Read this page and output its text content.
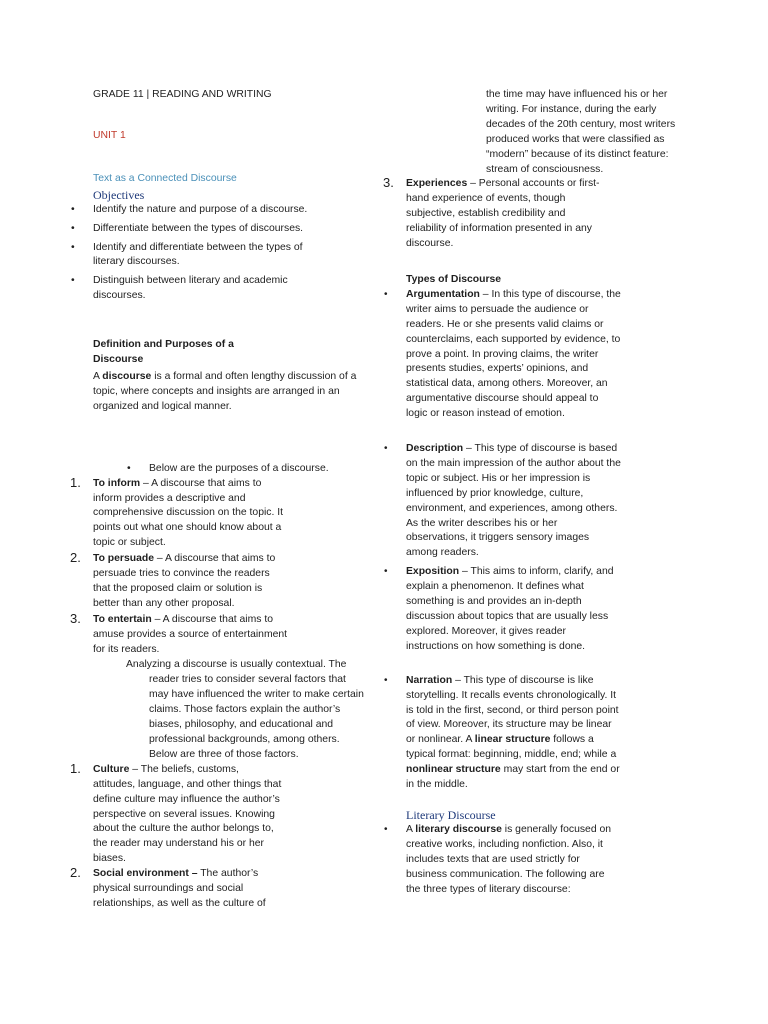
GRADE 11 | READING AND WRITING

UNIT 1

Text as a Connected Discourse

Objectives

• Identify the nature and purpose of a discourse.
• Differentiate between the types of discourses.
• Identify and differentiate between the types of literary discourses.
• Distinguish between literary and academic discourses.

Definition and Purposes of a Discourse

A discourse is a formal and often lengthy discussion of a topic, where concepts and insights are arranged in an organized and logical manner.

• Below are the purposes of a discourse.
1. To inform – A discourse that aims to inform provides a descriptive and comprehensive discussion on the topic. It points out what one should know about a topic or subject.
2. To persuade – A discourse that aims to persuade tries to convince the readers that the proposed claim or solution is better than any other proposal.
3. To entertain – A discourse that aims to amuse provides a source of entertainment for its readers.

Analyzing a discourse is usually contextual. The
reader tries to consider several factors that may have influenced the writer to make certain claims. Those factors explain the author’s biases, philosophy, and educational and professional backgrounds, among others. Below are three of those factors.

1. Culture – The beliefs, customs, attitudes, language, and other things that define culture may influence the author’s perspective on several issues. Knowing about the culture the author belongs to, the reader may understand his or her biases.
2. Social environment – The author’s physical surroundings and social relationships, as well as the culture of

the time may have influenced his or her writing. For instance, during the early decades of the 20th century, most writers produced works that were classified as “modern” because of its distinct feature: stream of consciousness.

3. Experiences – Personal accounts or first-hand experience of events, though subjective, establish credibility and reliability of information presented in any discourse.

Types of Discourse

• Argumentation – In this type of discourse, the writer aims to persuade the audience or readers. He or she presents valid claims or counterclaims, each supported by evidence, to prove a point. In proving claims, the writer presents studies, experts’ opinions, and statistical data, among others. Moreover, an argumentative discourse should appeal to logic or reason instead of emotion.
• Description – This type of discourse is based on the main impression of the author about the topic or subject. His or her impression is influenced by prior knowledge, culture, environment, and experiences, among others. As the writer describes his or her observations, it triggers sensory images among readers.
• Exposition – This aims to inform, clarify, and explain a phenomenon. It defines what something is and provides an in-depth discussion about topics that are usually less explored. Moreover, it gives reader instructions on how something is done.
• Narration – This type of discourse is like storytelling. It recalls events chronologically. It is told in the first, second, or third person point of view. Moreover, its structure may be linear or nonlinear. A linear structure follows a typical format: beginning, middle, end; while a nonlinear structure may start from the end or in the middle.

Literary Discourse

• A literary discourse is generally focused on creative works, including nonfiction. Also, it includes texts that are used strictly for business communication. The following are the three types of literary discourse:
